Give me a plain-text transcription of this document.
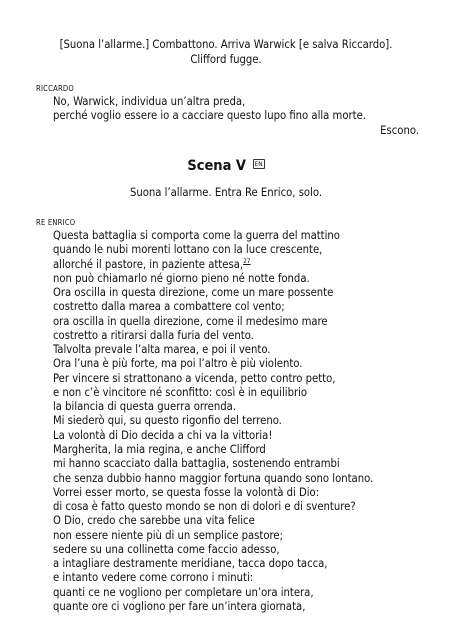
[Suona l’allarme.] Combattono. Arriva Warwick [e salva Riccardo].
Clifford fugge.
RICCARDO
No, Warwick, individua un’altra preda,
perché voglio essere io a cacciare questo lupo fino alla morte.
Escono.
Scena V EN
Suona l’allarme. Entra Re Enrico, solo.
RE ENRICO
Questa battaglia si comporta come la guerra del mattino
quando le nubi morenti lottano con la luce crescente,
allorché il pastore, in paziente attesa,$^{27}$
non può chiamarlo né giorno pieno né notte fonda.
Ora oscilla in questa direzione, come un mare possente
costretto dalla marea a combattere col vento;
ora oscilla in quella direzione, come il medesimo mare
costretto a ritirarsi dalla furia del vento.
Talvolta prevale l’alta marea, e poi il vento.
Ora l’una è più forte, ma poi l’altro è più violento.
Per vincere si strattonano a vicenda, petto contro petto,
e non c’è vincitore né sconfitto: così è in equilibrio
la bilancia di questa guerra orrenda.
Mi siederò qui, su questo rigonfio del terreno.
La volontà di Dio decida a chi va la vittoria!
Margherita, la mia regina, e anche Clifford
mi hanno scacciato dalla battaglia, sostenendo entrambi
che senza dubbio hanno maggior fortuna quando sono lontano.
Vorrei esser morto, se questa fosse la volontà di Dio:
di cosa è fatto questo mondo se non di dolori e di sventure?
O Dio, credo che sarebbe una vita felice
non essere niente più di un semplice pastore;
sedere su una collinetta come faccio adesso,
a intagliare destramente meridiane, tacca dopo tacca,
e intanto vedere come corrono i minuti:
quanti ce ne vogliono per completare un’ora intera,
quante ore ci vogliono per fare un’intera giornata,
